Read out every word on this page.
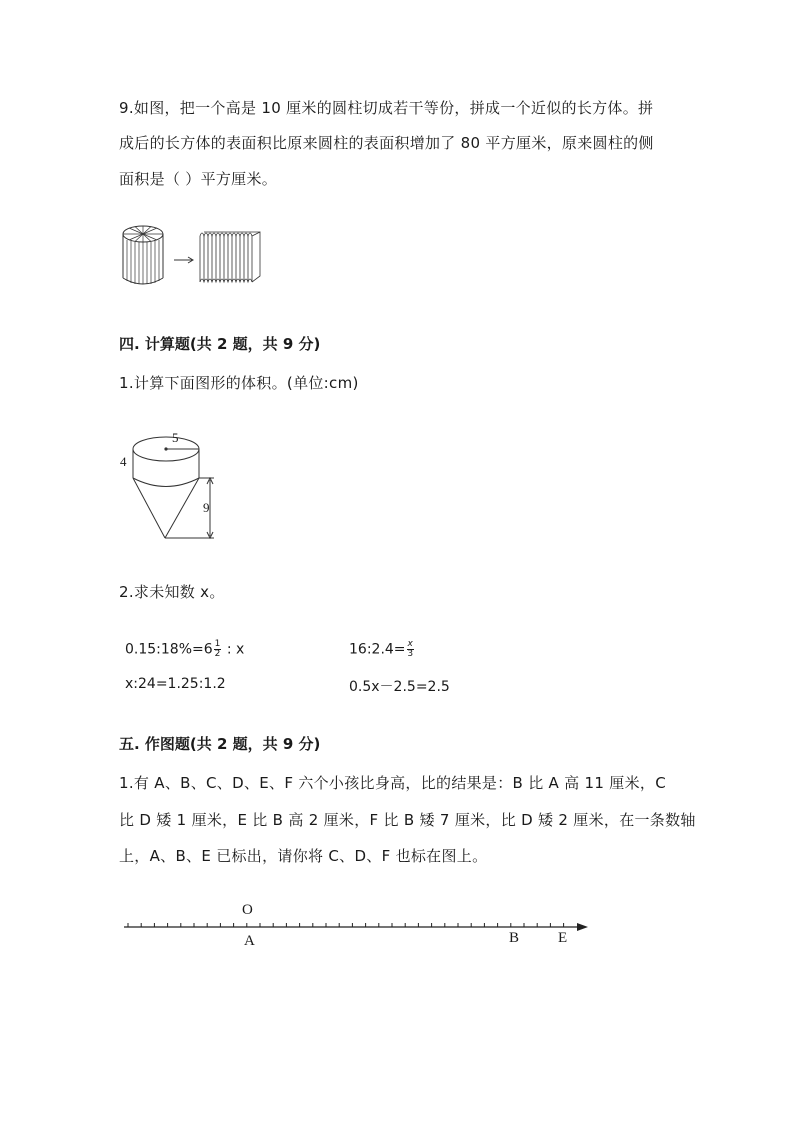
9.如图，把一个高是 10 厘米的圆柱切成若干等份，拼成一个近似的长方体。拼
成后的长方体的表面积比原来圆柱的表面积增加了 80 平方厘米，原来圆柱的侧
面积是（ ）平方厘米。
四. 计算题(共 2 题，共 9 分)
1.计算下面图形的体积。(单位:cm)
5
4
9
2.求未知数 x。
0.15:18%=6 $\frac{1}{2}$ : x	16:2.4= $\frac{x}{3}$
x:24=1.25:1.2	0.5x－2.5=2.5
五. 作图题(共 2 题，共 9 分)
1.有 A、B、C、D、E、F 六个小孩比身高，比的结果是：B 比 A 高 11 厘米，C
比 D 矮 1 厘米，E 比 B 高 2 厘米，F 比 B 矮 7 厘米，比 D 矮 2 厘米，在一条数轴
上，A、B、E 已标出，请你将 C、D、F 也标在图上。
O
A	B	E
